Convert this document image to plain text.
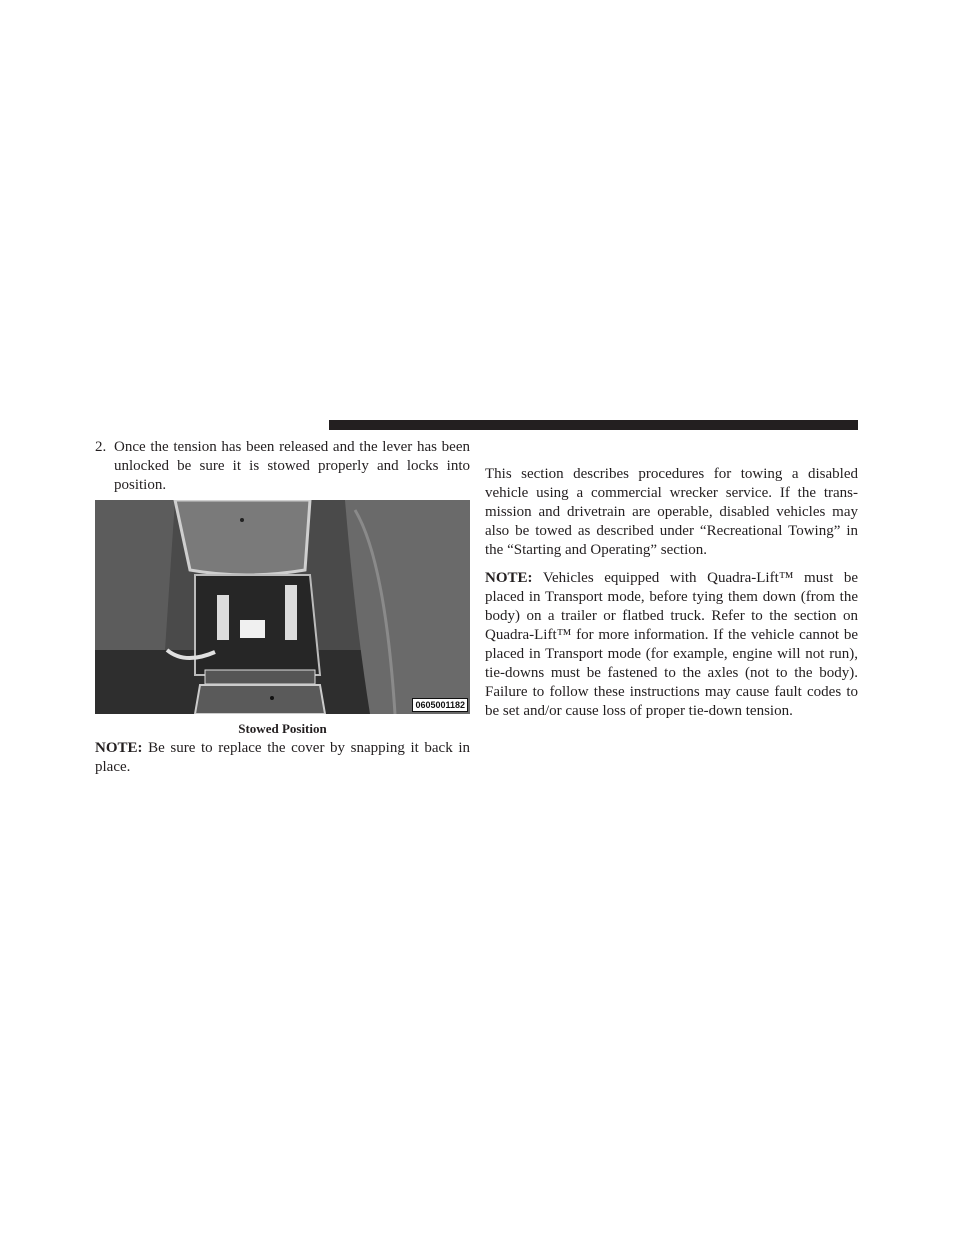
2. Once the tension has been released and the lever has been unlocked be sure it is stowed properly and locks into position.

0605001182

Stowed Position

NOTE: Be sure to replace the cover by snapping it back in place.

This section describes procedures for towing a disabled vehicle using a commercial wrecker service. If the trans-mission and drivetrain are operable, disabled vehicles may also be towed as described under “Recreational Towing” in the “Starting and Operating” section.

NOTE: Vehicles equipped with Quadra-Lift™ must be placed in Transport mode, before tying them down (from the body) on a trailer or flatbed truck. Refer to the section on Quadra-Lift™ for more information. If the vehicle cannot be placed in Transport mode (for example, engine will not run), tie-downs must be fastened to the axles (not to the body). Failure to follow these instructions may cause fault codes to be set and/or cause loss of proper tie-down tension.
